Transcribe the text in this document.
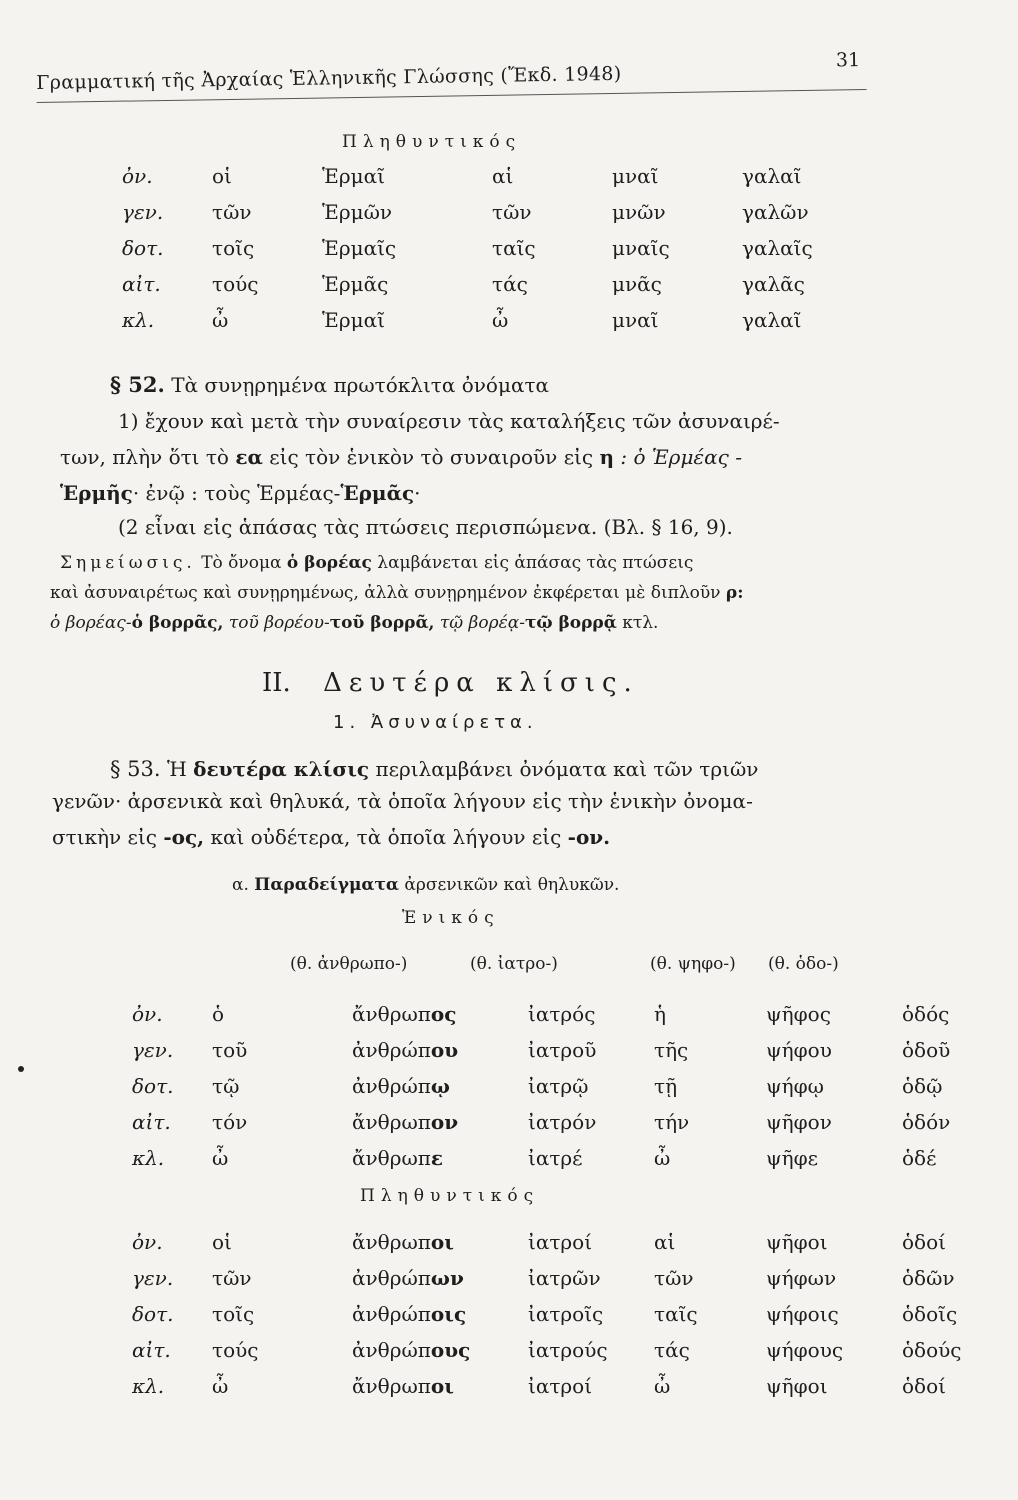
Γραμματική τῆς Ἀρχαίας Ἑλληνικῆς Γλώσσης (Ἔκδ. 1948)
31
Πληθυντικός
ὀν.	οἱ	Ἑρμαῖ	αἱ	μναῖ	γαλαῖ
γεν.	τῶν	Ἑρμῶν	τῶν	μνῶν	γαλῶν
δοτ.	τοῖς	Ἑρμαῖς	ταῖς	μναῖς	γαλαῖς
αἰτ.	τούς	Ἑρμᾶς	τάς	μνᾶς	γαλᾶς
κλ.	ὦ	Ἑρμαῖ	ὦ	μναῖ	γαλαῖ
§ 52. Τὰ συνῃρημένα πρωτόκλιτα ὀνόματα
1) ἔχουν καὶ μετὰ τὴν συναίρεσιν τὰς καταλήξεις τῶν ἀσυναιρέ-
των, πλὴν ὅτι τὸ εα εἰς τὸν ἑνικὸν τὸ συναιροῦν εἰς η : ὁ Ἑρμέας -
Ἑρμῆς· ἐνῷ : τοὺς Ἑρμέας-Ἑρμᾶς·
(2 εἶναι εἰς ἁπάσας τὰς πτώσεις περισπώμενα. (Βλ. § 16, 9).
Σημείωσις. Τὸ ὄνομα ὁ βορέας λαμβάνεται εἰς ἁπάσας τὰς πτώσεις
καὶ ἀσυναιρέτως καὶ συνῃρημένως, ἀλλὰ συνῃρημένον ἐκφέρεται μὲ διπλοῦν ρ:
ὁ βορέας-ὁ βορρᾶς, τοῦ βορέου-τοῦ βορρᾶ, τῷ βορέᾳ-τῷ βορρᾷ κτλ.
II. Δευτέρα κλίσις.
1. Ἀσυναίρετα.
§ 53. Ἡ δευτέρα κλίσις περιλαμβάνει ὀνόματα καὶ τῶν τριῶν
γενῶν· ἀρσενικὰ καὶ θηλυκά, τὰ ὁποῖα λήγουν εἰς τὴν ἑνικὴν ὀνομα-
στικὴν εἰς -ος, καὶ οὐδέτερα, τὰ ὁποῖα λήγουν εἰς -ον.
α. Παραδείγματα ἀρσενικῶν καὶ θηλυκῶν.
Ἑνικός
(θ. ἀνθρωπο-)	(θ. ἰατρο-)	(θ. ψηφο-) (θ. ὁδο-)
ὀν.	ὁ	ἄνθρωπος	ἰατρός	ἡ	ψῆφος	ὁδός
γεν.	τοῦ	ἀνθρώπου	ἰατροῦ	τῆς	ψήφου	ὁδοῦ
δοτ.	τῷ	ἀνθρώπῳ	ἰατρῷ	τῇ	ψήφῳ	ὁδῷ
αἰτ.	τόν	ἄνθρωπον	ἰατρόν	τήν	ψῆφον	ὁδόν
κλ.	ὦ	ἄνθρωπε	ἰατρέ	ὦ	ψῆφε	ὁδέ
Πληθυντικός
ὀν.	οἱ	ἄνθρωποι	ἰατροί	αἱ	ψῆφοι	ὁδοί
γεν.	τῶν	ἀνθρώπων	ἰατρῶν	τῶν	ψήφων	ὁδῶν
δοτ.	τοῖς	ἀνθρώποις	ἰατροῖς	ταῖς	ψήφοις	ὁδοῖς
αἰτ.	τούς	ἀνθρώπους	ἰατρούς	τάς	ψήφους	ὁδούς
κλ.	ὦ	ἄνθρωποι	ἰατροί	ὦ	ψῆφοι	ὁδοί
